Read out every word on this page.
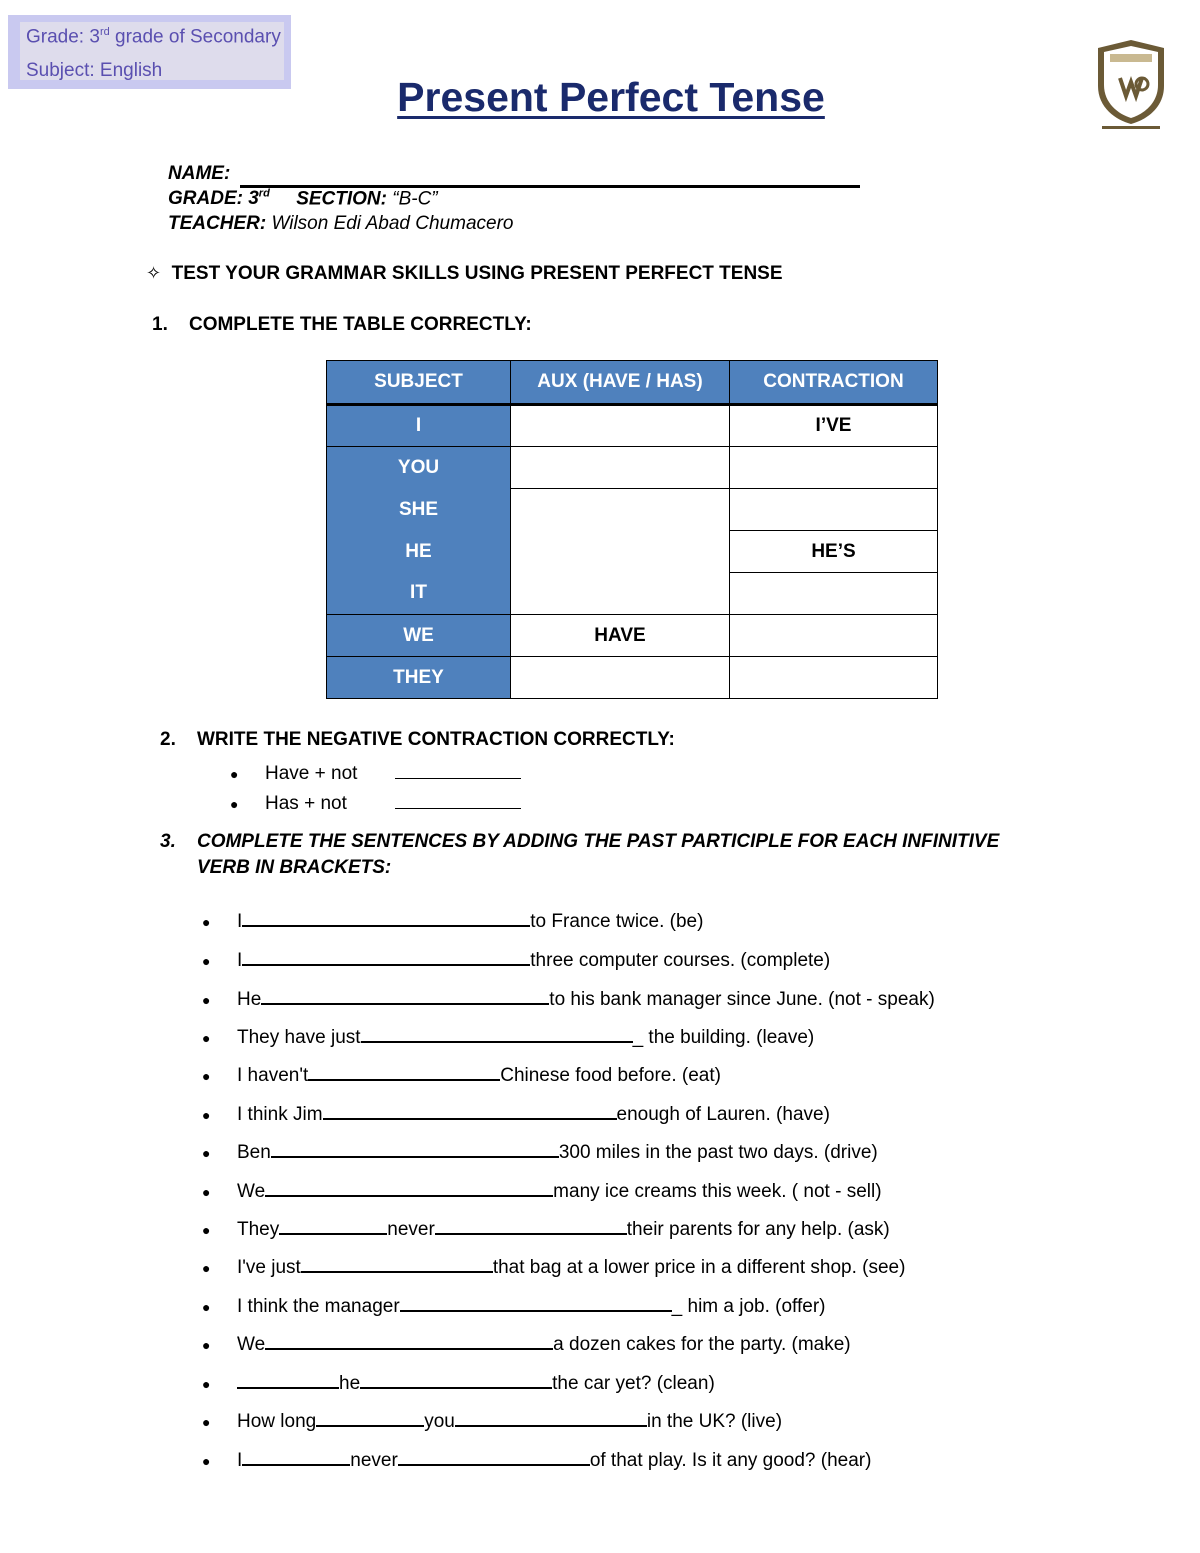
Grade: 3rd grade of Secondary
Subject: English
Present Perfect Tense
NAME:
GRADE: 3rd SECTION: “B-C”
TEACHER: Wilson Edi Abad Chumacero
✧ TEST YOUR GRAMMAR SKILLS USING PRESENT PERFECT TENSE
1. COMPLETE THE TABLE CORRECTLY:
SUBJECT	AUX (HAVE / HAS)	CONTRACTION
I		I’VE
YOU		
SHE		
HE		HE’S
IT		
WE	HAVE	
THEY		
2. WRITE THE NEGATIVE CONTRACTION CORRECTLY:
● Have + not
● Has + not
3. COMPLETE THE SENTENCES BY ADDING THE PAST PARTICIPLE FOR EACH INFINITIVE
VERB IN BRACKETS:
● I	to France twice. (be)
● I	three computer courses. (complete)
● He	to his bank manager since June. (not - speak)
● They have just	_ the building. (leave)
● I haven't	Chinese food before. (eat)
● I think Jim	enough of Lauren. (have)
● Ben	300 miles in the past two days. (drive)
● We	many ice creams this week. ( not - sell)
● They	never	their parents for any help. (ask)
● I've just	that bag at a lower price in a different shop. (see)
● I think the manager	_ him a job. (offer)
● We	a dozen cakes for the party. (make)
●	he	the car yet? (clean)
● How long	you	in the UK? (live)
● I	never	of that play. Is it any good? (hear)
